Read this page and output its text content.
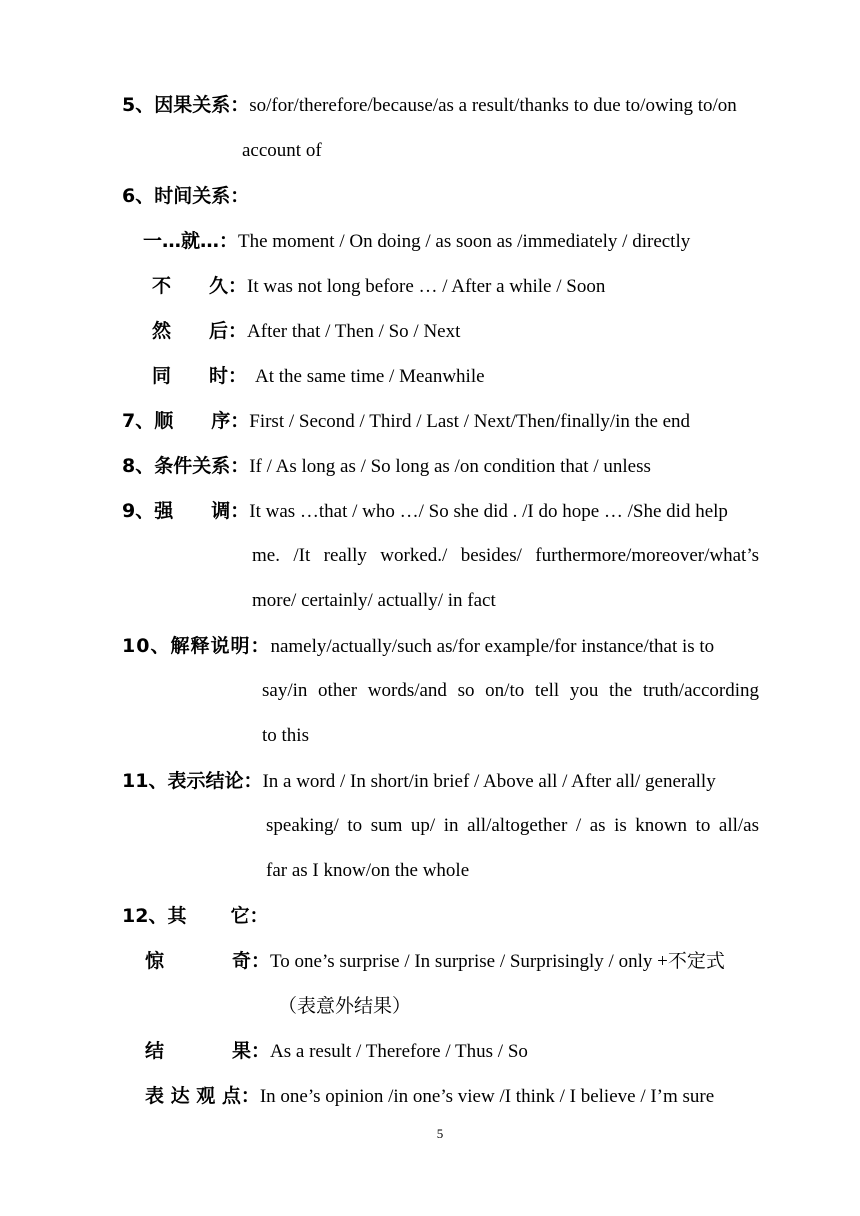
5、因果关系：so/for/therefore/because/as a result/thanks to due to/owing to/on
account of
6、时间关系：
一…就…：The moment / On doing / as soon as /immediately / directly
不 久：It was not long before … / After a while / Soon
然 后：After that / Then / So / Next
同 时： At the same time / Meanwhile
7、顺 序：First / Second / Third / Last / Next/Then/finally/in the end
8、条件关系：If / As long as / So long as /on condition that / unless
9、强 调：It was …that / who …/ So she did . /I do hope … /She did help
me. /It really worked./ besides/ furthermore/moreover/what’s
more/ certainly/ actually/ in fact
10、解释说明：namely/actually/such as/for example/for instance/that is to
say/in other words/and so on/to tell you the truth/according
to this
11、表示结论：In a word / In short/in brief / Above all / After all/ generally
speaking/ to sum up/ in all/altogether / as is known to all/as
far as I know/on the whole
12、其 它：
惊	奇：To one’s surprise / In surprise / Surprisingly / only +不定式
（表意外结果）
结	果：As a result / Therefore / Thus / So
表 达 观 点：In one’s opinion /in one’s view /I think / I believe / I’m sure
5
